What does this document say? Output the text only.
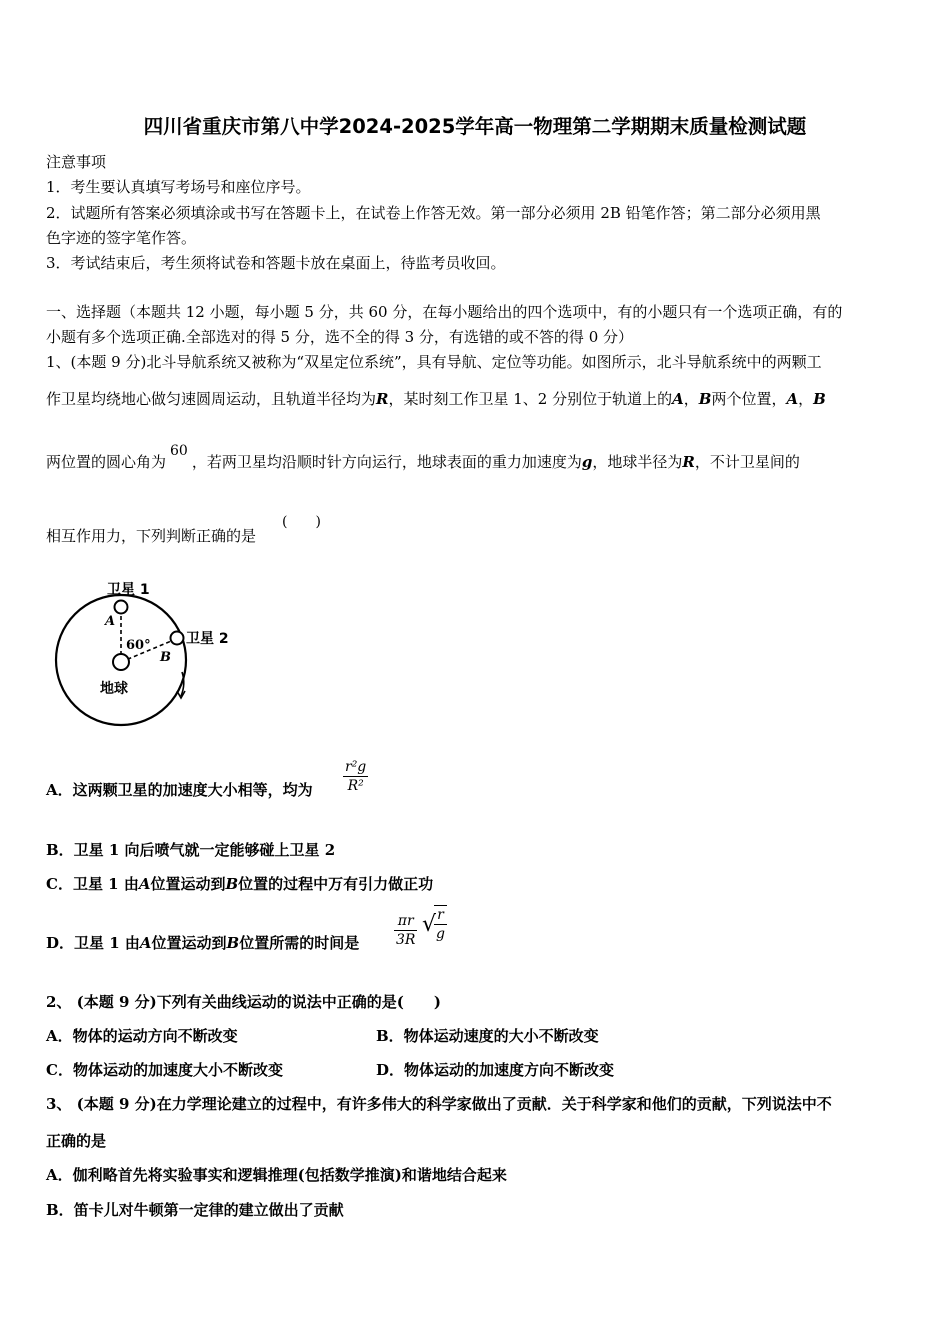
四川省重庆市第八中学2024-2025学年高一物理第二学期期末质量检测试题
注意事项
1．考生要认真填写考场号和座位序号。
2．试题所有答案必须填涂或书写在答题卡上，在试卷上作答无效。第一部分必须用 2B 铅笔作答；第二部分必须用黑
色字迹的签字笔作答。
3．考试结束后，考生须将试卷和答题卡放在桌面上，待监考员收回。
一、选择题（本题共 12 小题，每小题 5 分，共 60 分，在每小题给出的四个选项中，有的小题只有一个选项正确，有的
小题有多个选项正确.全部选对的得 5 分，选不全的得 3 分，有选错的或不答的得 0 分）
1、(本题 9 分)北斗导航系统又被称为“双星定位系统”，具有导航、定位等功能。如图所示，北斗导航系统中的两颗工
作卫星均绕地心做匀速圆周运动，且轨道半径均为R，某时刻工作卫星 1、2 分别位于轨道上的A，B两个位置，A，B
两位置的圆心角为60，若两卫星均沿顺时针方向运行，地球表面的重力加速度为g，地球半径为R，不计卫星间的
相互作用力，下列判断正确的是
(　　)
卫星 1
卫星 2
地球
60°
A
B
A．这两颗卫星的加速度大小相等，均为 $\frac{\text{r²g}}{\text{R²}}$
B．卫星 1 向后喷气就一定能够碰上卫星 2
C．卫星 1 由A位置运动到B位置的过程中万有引力做正功
D．卫星 1 由A位置运动到B位置所需的时间是 $\frac{\pi r}{3R}$ √
$\frac{r}{g}$
2、 (本题 9 分)下列有关曲线运动的说法中正确的是(　　)
A．物体的运动方向不断改变	B．物体运动速度的大小不断改变
C．物体运动的加速度大小不断改变	D．物体运动的加速度方向不断改变
3、 (本题 9 分)在力学理论建立的过程中，有许多伟大的科学家做出了贡献．关于科学家和他们的贡献，下列说法中不
正确的是
A．伽利略首先将实验事实和逻辑推理(包括数学推演)和谐地结合起来
B．笛卡儿对牛顿第一定律的建立做出了贡献
